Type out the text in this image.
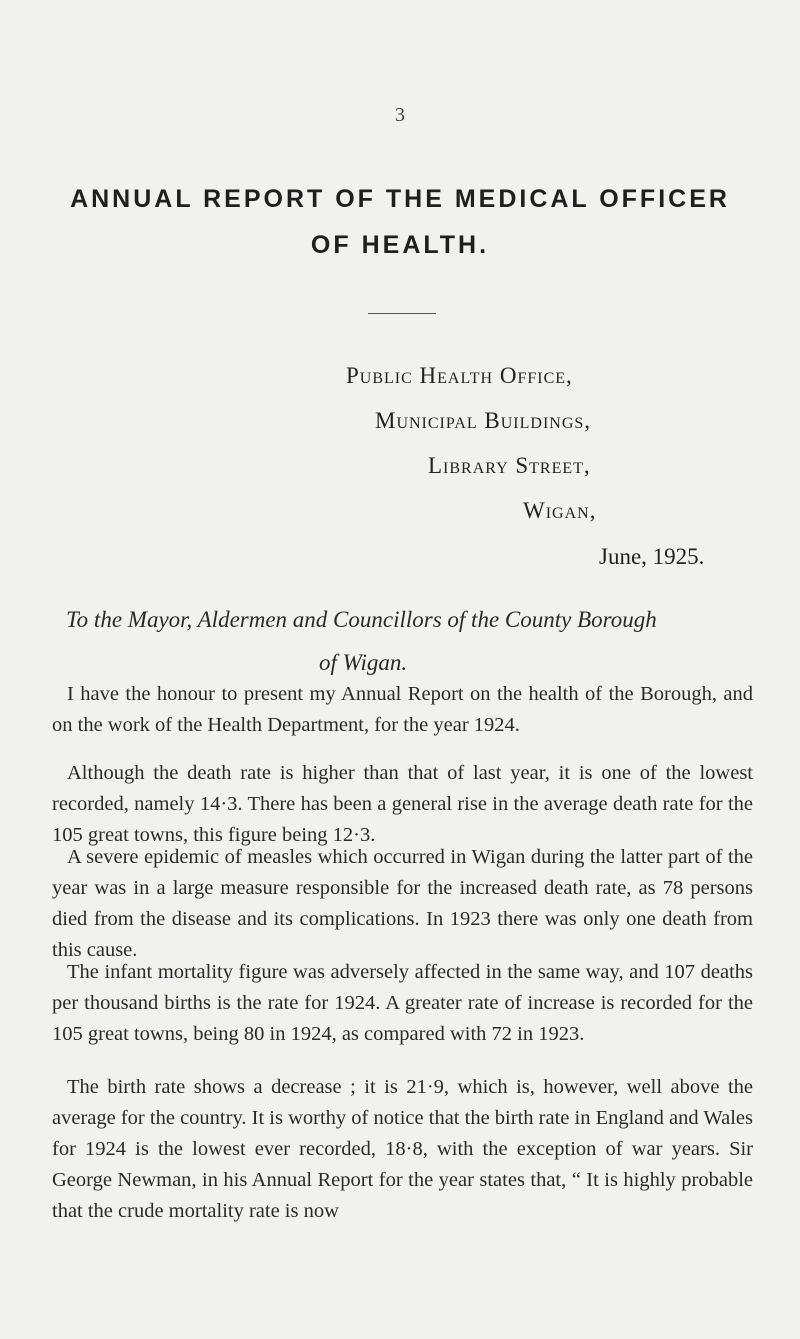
3
ANNUAL REPORT OF THE MEDICAL OFFICER
OF HEALTH.
Public Health Office,
Municipal Buildings,
Library Street,
Wigan,
June, 1925.
To the Mayor, Aldermen and Councillors of the County Borough
of Wigan.

I have the honour to present my Annual Report on the health of the Borough, and on the work of the Health Department, for the year 1924.

Although the death rate is higher than that of last year, it is one of the lowest recorded, namely 14·3. There has been a general rise in the average death rate for the 105 great towns, this figure being 12·3.

A severe epidemic of measles which occurred in Wigan during the latter part of the year was in a large measure responsible for the increased death rate, as 78 persons died from the disease and its complications. In 1923 there was only one death from this cause.

The infant mortality figure was adversely affected in the same way, and 107 deaths per thousand births is the rate for 1924. A greater rate of increase is recorded for the 105 great towns, being 80 in 1924, as compared with 72 in 1923.

The birth rate shows a decrease ; it is 21·9, which is, however, well above the average for the country. It is worthy of notice that the birth rate in England and Wales for 1924 is the lowest ever recorded, 18·8, with the exception of war years. Sir George Newman, in his Annual Report for the year states that, “ It is highly probable that the crude mortality rate is now
